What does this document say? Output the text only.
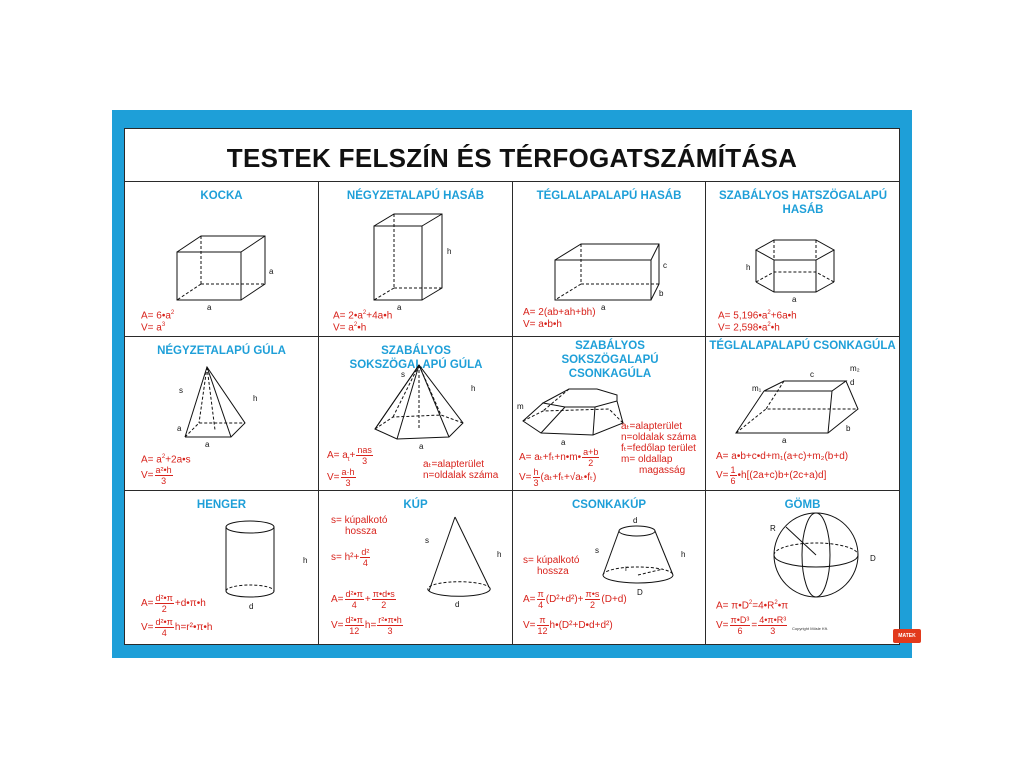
TESTEK FELSZÍN ÉS TÉRFOGATSZÁMÍTÁSA
KOCKA
a
a
$A= 6•a^2$
$V= a^3$
NÉGYZETALAPÚ HASÁB
h
a
$A= 2•a^2+4a•h$
$V= a^2•h$
TÉGLALAPALAPÚ HASÁB
c
b
a
A= 2(ab+ah+bh)
V= a•b•h
SZABÁLYOS HATSZÖGALAPÚ HASÁB
h
a
$A= 5,196•a^2+6a•h$
$V= 2,598•a^2•h$
NÉGYZETALAPÚ GÚLA
s
h
a
a
$A= a^2+2a•s$
$V= \frac{\text{a²•h}}{3}$
SZABÁLYOS SOKSZÖGALAPÚ GÚLA
s
h
a
$A= a_t+ \frac{\text{nas}}{3}$
$V= \frac{a\cdot h}{3}$
aₜ=alapterület
n=oldalak száma
SZABÁLYOS SOKSZÖGALAPÚ CSONKAGÚLA
m
a
A= aₜ+fₜ+n•m• $\frac{a+b}{2}$
$V= \frac{h}{3}$ (aₜ+fₜ+√aₜ•fₜ)
aₜ=alapterület
n=oldalak száma
fₜ=fedőlap terület
m= oldallap
magasság
TÉGLALAPALAPÚ CSONKAGÚLA
m₁
c
d
m₂
a
b
A= a•b+c•d+m₁(a+c)+m₂(b+d)
$V= \frac{1}{6}$ •h[(2a+c)b+(2c+a)d]
HENGER
h
d
$A= \frac{\text{d²•π}}{2}$ +d•π•h
$V= \frac{\text{d²•π}}{4}$ h=r²•π•h
KÚP
s
h
d
s= kúpalkotó
hossza
$s= h^2+ \frac{\text{d²}}{4}$
$A= \frac{\text{d²•π}}{4} + \frac{\pi•d•s}{2}$
$V= \frac{\text{d²•π}}{12} h= \frac{\text{r²•π•h}}{3}$
CSONKAKÚP
d
s	h
r
D
s= kúpalkotó
hossza
$A= \frac{\pi}{4} (D^2+d^2)+ \frac{\pi•s}{2} (D+d)$
$V= \frac{\pi}{12}$ h•(D²+D•d+d²)
GÖMB
R
D
$A= \pi•D^2=4•R^2•\pi$
$V= \frac{\text{π•D³}}{6} = \frac{\text{4•π•R³}}{3}$	MATEK
Copyright Mösle Kft.
